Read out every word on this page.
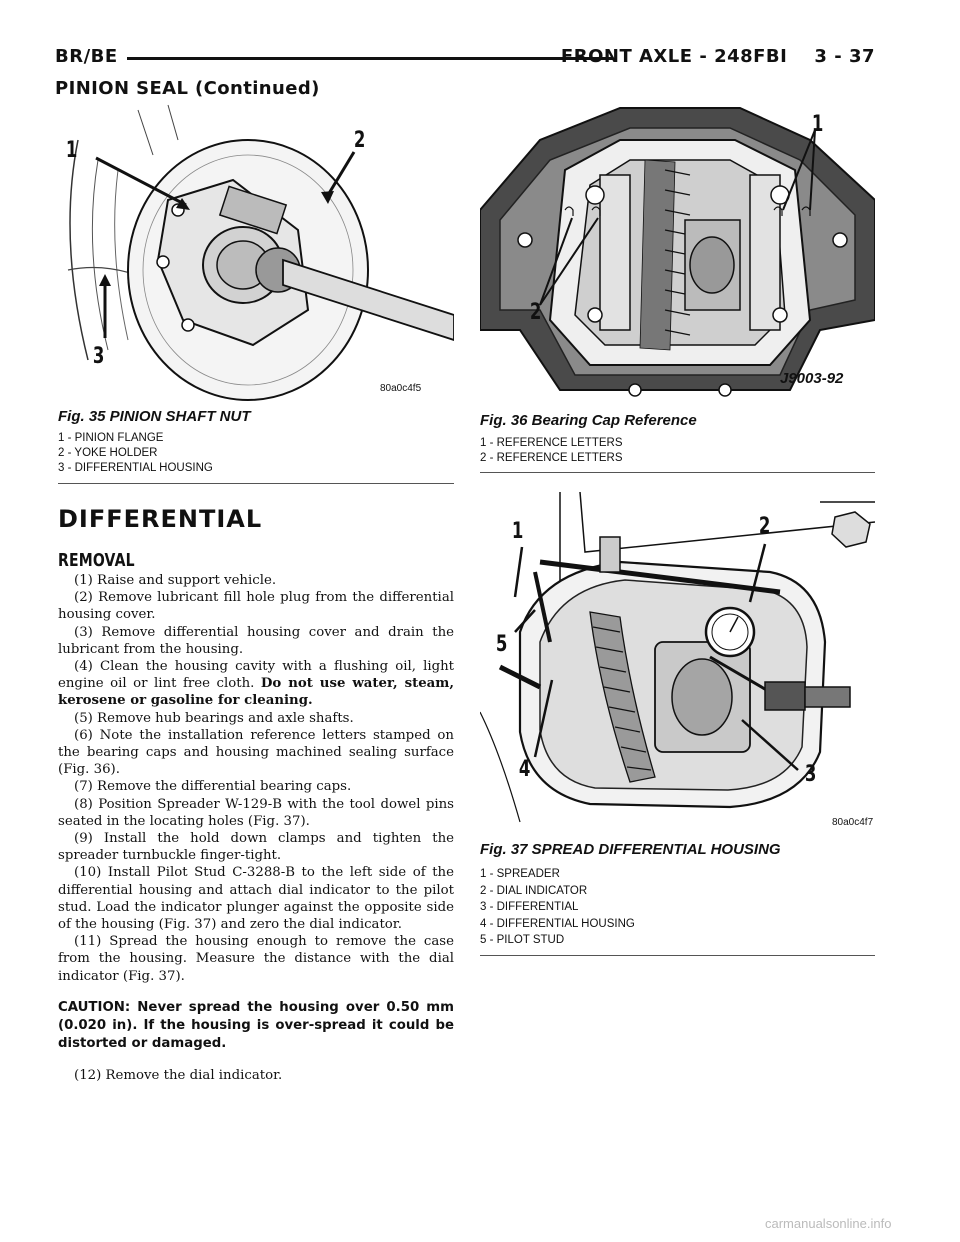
BR/BE	FRONT AXLE - 248FBI    3 - 37
PINION SEAL (Continued)
1	2
3
80a0c4f5
Fig. 35 PINION SHAFT NUT
1 - PINION FLANGE
2 - YOKE HOLDER
3 - DIFFERENTIAL HOUSING
1
2
J9003-92
Fig. 36 Bearing Cap Reference
1 - REFERENCE LETTERS
2 - REFERENCE LETTERS
1	2
5
4	3
80a0c4f7
Fig. 37 SPREAD DIFFERENTIAL HOUSING
1 - SPREADER
2 - DIAL INDICATOR
3 - DIFFERENTIAL
4 - DIFFERENTIAL HOUSING
5 - PILOT STUD
DIFFERENTIAL
REMOVAL

(1) Raise and support vehicle.

(2) Remove lubricant fill hole plug from the differential housing cover.

(3) Remove differential housing cover and drain the lubricant from the housing.

(4) Clean the housing cavity with a flushing oil, light engine oil or lint free cloth. Do not use water, steam, kerosene or gasoline for cleaning.

(5) Remove hub bearings and axle shafts.

(6) Note the installation reference letters stamped on the bearing caps and housing machined sealing surface (Fig. 36).

(7) Remove the differential bearing caps.

(8) Position Spreader W-129-B with the tool dowel pins seated in the locating holes (Fig. 37).

(9) Install the hold down clamps and tighten the spreader turnbuckle finger-tight.

(10) Install Pilot Stud C-3288-B to the left side of the differential housing and attach dial indicator to the pilot stud. Load the indicator plunger against the opposite side of the housing (Fig. 37) and zero the dial indicator.

(11) Spread the housing enough to remove the case from the housing. Measure the distance with the dial indicator (Fig. 37).

CAUTION: Never spread the housing over 0.50 mm (0.020 in). If the housing is over-spread it could be distorted or damaged.

(12) Remove the dial indicator.

carmanualsonline.info
